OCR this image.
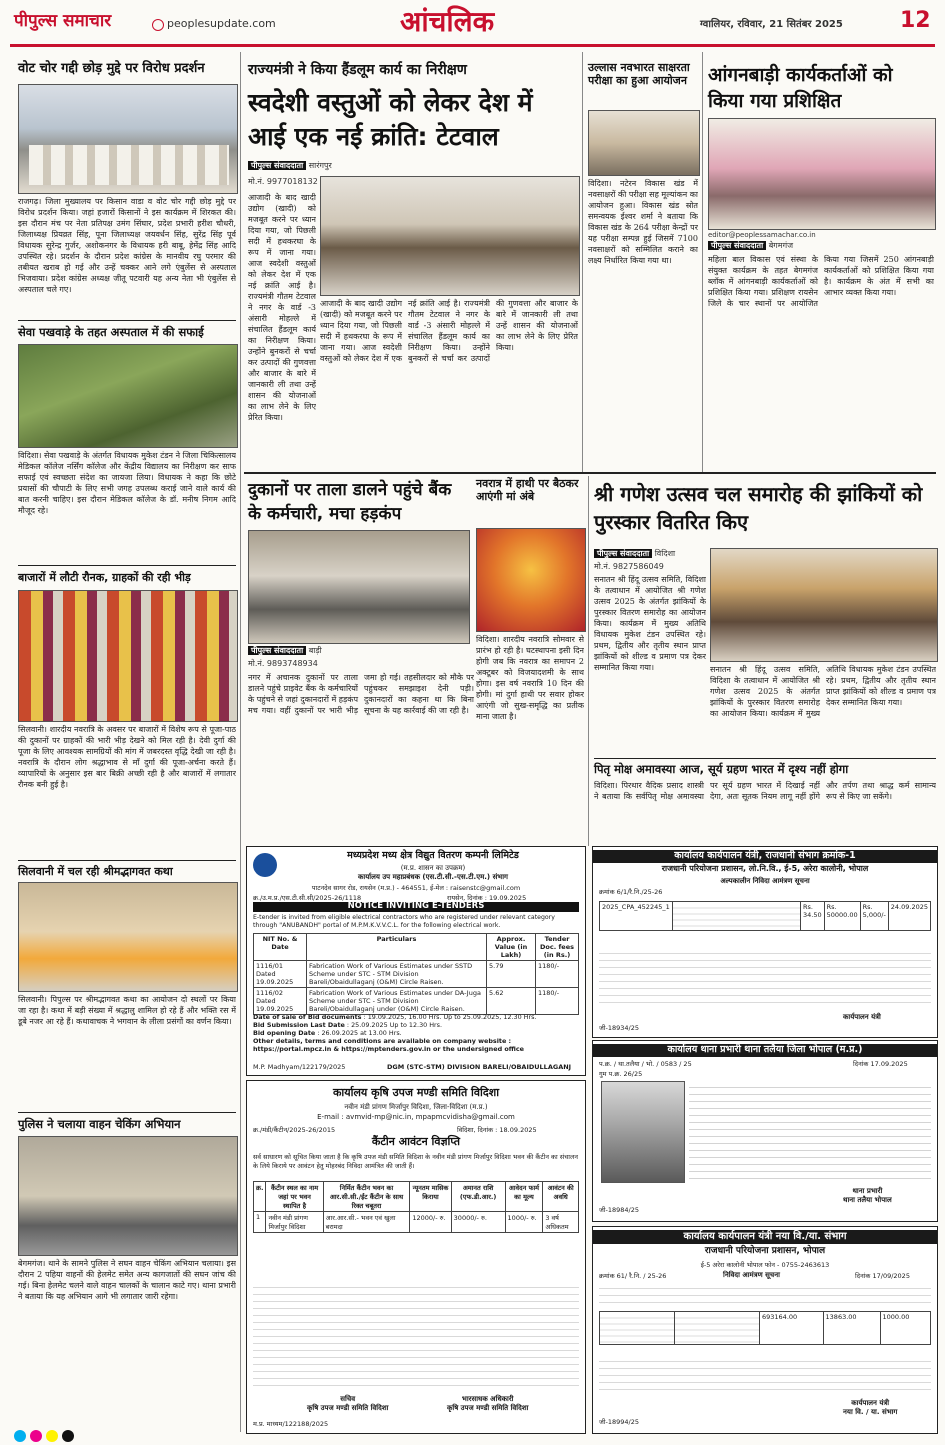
पीपुल्स समाचार	peoplesupdate.com	आंचलिक	ग्वालियर, रविवार, 21 सितंबर 2025	12
वोट चोर गद्दी छोड़ मुद्दे पर विरोध प्रदर्शन
राजगढ़। जिला मुख्यालय पर किसान वाडा व वोट चोर गद्दी छोड़ मुद्दे पर विरोध प्रदर्शन किया। जहां हजारों किसानों ने इस कार्यक्रम में शिरकत की। इस दौरान मंच पर नेता प्रतिपक्ष उमंग सिंघार, प्रदेश प्रभारी हरीश चौधरी, जिलाध्यक्ष प्रियव्रत सिंह, पूना जिलाध्यक्ष जयवर्धन सिंह, सुरेंद्र सिंह पूर्व विधायक सुरेन्द्र गुर्जर, अशोकनगर के विधायक हरी बाबू, हेमेंद्र सिंह आदि उपस्थित रहे। प्रदर्शन के दौरान प्रदेश कांग्रेस के मानवीय रघु परमार की तबीयत खराब हो गई और उन्हें चक्कर आने लगे एंबुलेंस से अस्पताल भिजवाया। प्रदेश कांग्रेस अध्यक्ष जीतू पटवारी यह अन्य नेता भी एंबुलेंस से अस्पताल चले गए।
सेवा पखवाड़े के तहत अस्पताल में की सफाई
विदिशा। सेवा पखवाड़े के अंतर्गत विधायक मुकेश टंडन ने जिला चिकित्सालय मेडिकल कॉलेज नर्सिंग कॉलेज और केंद्रीय विद्यालय का निरीक्षण कर साफ सफाई एवं स्वच्छता संदेश का जायजा लिया। विधायक ने कहा कि छोटे प्रयासों की चौपाटी के लिए सभी जगह उपलब्ध कराई जाने वाले कार्य की बात करनी चाहिए। इस दौरान मेडिकल कॉलेज के डॉ. मनीष निगम आदि मौजूद रहे।
बाजारों में लौटी रौनक, ग्राहकों की रही भीड़
सिलवानी। शारदीय नवरात्रि के अवसर पर बाजारों में विशेष रूप से पूजा-पाठ की दुकानों पर ग्राहकों की भारी भीड़ देखने को मिल रही है। देवी दुर्गा की पूजा के लिए आवश्यक सामग्रियों की मांग में जबरदस्त वृद्धि देखी जा रही है। नवरात्रि के दौरान लोग श्रद्धाभाव से माँ दुर्गा की पूजा-अर्चना करते हैं। व्यापारियों के अनुसार इस बार बिक्री अच्छी रही है और बाजारों में लगातार रौनक बनी हुई है।
सिलवानी में चल रही श्रीमद्भागवत कथा
सिलवानी। पिपुल्स पर श्रीमद्भागवत कथा का आयोजन दो स्थलों पर किया जा रहा है। कथा में बड़ी संख्या में श्रद्धालु शामिल हो रहे हैं और भक्ति रस में डूबे नजर आ रहे हैं। कथावाचक ने भगवान के लीला प्रसंगों का वर्णन किया।
पुलिस ने चलाया वाहन चेकिंग अभियान
बेगमगंज। थाने के सामने पुलिस ने सघन वाहन चेकिंग अभियान चलाया। इस दौरान 2 पहिया वाहनों की हेलमेट समेत अन्य कागजातों की सघन जांच की गई। बिना हेलमेट चलने वाले वाहन चालकों के चालान काटे गए। थाना प्रभारी ने बताया कि यह अभियान आगे भी लगातार जारी रहेगा।
राज्यमंत्री ने किया हैंडलूम कार्य का निरीक्षण
स्वदेशी वस्तुओं को लेकर देश में आई एक नई क्रांति: टेटवाल
पीपुल्स संवाददाता सारंगपुर
मो.नं. 9977018132
आजादी के बाद खादी उद्योग (खादी) को मजबूत करने पर ध्यान दिया गया, जो पिछली सदी में हथकरघा के रूप में जाना गया। आज स्वदेशी वस्तुओं को लेकर देश में एक नई क्रांति आई है। राज्यमंत्री गौतम टेटवाल ने नगर के वार्ड -3 अंसारी मोहल्ले में संचालित हैंडलूम कार्य का निरीक्षण किया। उन्होंने बुनकरों से चर्चा कर उत्पादों की गुणवत्ता और बाजार के बारे में जानकारी ली तथा उन्हें शासन की योजनाओं का लाभ लेने के लिए प्रेरित किया।
आजादी के बाद खादी उद्योग (खादी) को मजबूत करने पर ध्यान दिया गया, जो पिछली सदी में हथकरघा के रूप में जाना गया। आज स्वदेशी वस्तुओं को लेकर देश में एक नई क्रांति आई है। राज्यमंत्री गौतम टेटवाल ने नगर के वार्ड -3 अंसारी मोहल्ले में संचालित हैंडलूम कार्य का निरीक्षण किया। उन्होंने बुनकरों से चर्चा कर उत्पादों की गुणवत्ता और बाजार के बारे में जानकारी ली तथा उन्हें शासन की योजनाओं का लाभ लेने के लिए प्रेरित किया।
उल्लास नवभारत साक्षरता परीक्षा का हुआ आयोजन
विदिशा। नटेरन विकास खंड में नवसाक्षरों की परीक्षा सह मूल्यांकन का आयोजन हुआ। विकास खंड स्रोत समन्वयक ईश्वर शर्मा ने बताया कि विकास खंड के 264 परीक्षा केन्द्रों पर यह परीक्षा सम्पन्न हुई जिसमें 7100 नवसाक्षरों को सम्मिलित कराने का लक्ष्य निर्धारित किया गया था।
आंगनबाड़ी कार्यकर्ताओं को किया गया प्रशिक्षित
editor@peoplessamachar.co.in
पीपुल्स संवाददाता बेगमगंज
महिला बाल विकास एवं संस्था के संयुक्त कार्यक्रम के तहत बेगमगंज ब्लॉक में आंगनबाड़ी कार्यकर्ताओं को प्रशिक्षित किया गया। प्रशिक्षण रायसेन जिले के चार स्थानों पर आयोजित किया गया जिसमें 250 आंगनबाड़ी कार्यकर्ताओं को प्रशिक्षित किया गया है। कार्यक्रम के अंत में सभी का आभार व्यक्त किया गया।
दुकानों पर ताला डालने पहुंचे बैंक के कर्मचारी, मचा हड़कंप
पीपुल्स संवाददाता बाड़ी
मो.नं. 9893748934
नगर में अचानक दुकानों पर ताला डालने पहुंचे प्राइवेट बैंक के कर्मचारियों के पहुंचने से जहां दुकानदारों में हड़कंप मच गया। वहीं दुकानों पर भारी भीड़ जमा हो गई। तहसीलदार को मौके पर पहुंचकर समझाइश देनी पड़ी। दुकानदारों का कहना था कि बिना सूचना के यह कार्रवाई की जा रही है।
नवरात्र में हाथी पर बैठकर आएंगी मां अंबे
विदिशा। शारदीय नवरात्रि सोमवार से प्रारंभ हो रही है। घटस्थापना इसी दिन होगी जब कि नवरात्र का समापन 2 अक्टूबर को विजयादशमी के साथ होगा। इस वर्ष नवरात्रि 10 दिन की होगी। मां दुर्गा हाथी पर सवार होकर आएंगी जो सुख-समृद्धि का प्रतीक माना जाता है।
श्री गणेश उत्सव चल समारोह की झांकियों को पुरस्कार वितरित किए
पीपुल्स संवाददाता विदिशा
मो.नं. 9827586049
सनातन श्री हिंदू उत्सव समिति, विदिशा के तत्वाधान में आयोजित श्री गणेश उत्सव 2025 के अंतर्गत झांकियों के पुरस्कार वितरण समारोह का आयोजन किया। कार्यक्रम में मुख्य अतिथि विधायक मुकेश टंडन उपस्थित रहे। प्रथम, द्वितीय और तृतीय स्थान प्राप्त झांकियों को शील्ड व प्रमाण पत्र देकर सम्मानित किया गया।	सनातन श्री हिंदू उत्सव समिति, विदिशा के तत्वाधान में आयोजित श्री गणेश उत्सव 2025 के अंतर्गत झांकियों के पुरस्कार वितरण समारोह का आयोजन किया। कार्यक्रम में मुख्य अतिथि विधायक मुकेश टंडन उपस्थित रहे। प्रथम, द्वितीय और तृतीय स्थान प्राप्त झांकियों को शील्ड व प्रमाण पत्र देकर सम्मानित किया गया।
पितृ मोक्ष अमावस्या आज, सूर्य ग्रहण भारत में दृश्य नहीं होगा
विदिशा। पिरथार वैदिक प्रसाद शास्त्री ने बताया कि सर्वपितृ मोक्ष अमावस्या पर सूर्य ग्रहण भारत में दिखाई नहीं देगा, अतः सूतक नियम लागू नहीं होंगे और तर्पण तथा श्राद्ध कर्म सामान्य रूप से किए जा सकेंगे।
मध्यप्रदेश मध्य क्षेत्र विद्युत वितरण कम्पनी लिमिटेड
(म.प्र. शासन का उपक्रम)
कार्यालय उप महाप्रबंधक (एस.टी.सी.-एस.टी.एम.) संभाग
पाटनदेव सागर रोड, रायसेन (म.प्र.) - 464551, ई-मेल : raisenstc@gmail.com
क्र./उ.म.प्र./एस.टी.सी.सी/2025-26/1118	रायसेन, दिनांक : 19.09.2025
NOTICE INVITING E-TENDERS
E-tender is invited from eligible electrical contractors who are registered under relevant category through "ANUBANDH" portal of M.P.M.K.V.V.C.L. for the following electrical work.
NIT No. & Date	Particulars	Approx. Value (in Lakh)	Tender Doc. fees (in Rs.)
1116/01 Dated 19.09.2025	Fabrication Work of Various Estimates under SSTD Scheme under STC - STM Division Bareli/Obaidullaganj (O&M) Circle Raisen.	5.79	1180/-
1116/02 Dated 19.09.2025	Fabrication Work of Various Estimates under DA-Juga Scheme under STC - STM Division Bareli/Obaidullaganj under (O&M) Circle Raisen.	5.62	1180/-
Date of sale of Bid documents : 19.09.2025, 16.00 Hrs. Up to 25.09.2025, 12.30 Hrs.
Bid Submission Last Date : 25.09.2025 Up to 12.30 Hrs.
Bid opening Date : 26.09.2025 at 13.00 Hrs.
Other details, terms and conditions are available on company website : https://portal.mpcz.in & https://mptenders.gov.in or the undersigned office
M.P. Madhyam/122179/2025	DGM (STC-STM) DIVISION BARELI/OBAIDULLAGANJ
कार्यालय कृषि उपज मण्डी समिति विदिशा
नवीन मंडी प्रांगण मिर्जापुर विदिशा, जिला-विदिशा (म.प्र.)
E-mail : avmvid-mp@nic.in, mpapmcvidisha@gmail.com
क्र./मंडी/कैंटीन/2025-26/2015	विदिशा, दिनांक : 18.09.2025
कैंटीन आवंटन विज्ञप्ति
सर्व साधारण को सूचित किया जाता है कि कृषि उपज मंडी समिति विदिशा के नवीन मंडी प्रांगण मिर्जापुर विदिशा भवन की कैंटीन का संचालन के लिये किराये पर आवंटन हेतु मोहरबंद निविदा आमंत्रित की जाती हैं।
क्र.	कैंटीन स्थल का नाम जहां पर भवन स्थापित है	निर्मित कैंटीन भवन का आर.सी.सी./ईंट कैंटीन के साथ रिक्त चबूतरा	न्यूनतम मासिक किराया	अमानत राशि (एफ.डी.आर.)	आवेदन फार्म का मूल्य	आवंटन की अवधि
1	नवीन मंडी प्रांगण मिर्जापुर विदिशा	आर.आर.सी.- भवन एवं खुला बरामदा	12000/- रु.	30000/- रु.	1000/- रु.	3 वर्ष अधिकतम
सचिव
कृषि उपज मण्डी समिति विदिशा
भारसाधक अधिकारी
कृषि उपज मण्डी समिति विदिशा
म.प्र. माध्यम/122188/2025
कार्यालय कार्यपालन यंत्री, राजधानी संभाग क्रमांक-1
राजधानी परियोजना प्रशासन, लो.नि.वि., ई-5, अरेरा कालोनी, भोपाल
अल्पकालीन निविदा आमंत्रण सूचना
क्रमांक 6/1/रै.नि./25-26
2025_CPA_452245_1		Rs. 34.50	Rs. 50000.00	Rs. 5,000/-	24.09.2025
कार्यपालन यंत्री
जी-18934/25
कार्यालय थाना प्रभारी थाना तलैया जिला भोपाल (म.प्र.)
प.क्र. / था.तलैया / भो. / 0583 / 25	दिनांक 17.09.2025
गुम प.क्र. 26/25
थाना प्रभारी
थाना तलैया भोपाल
जी-18984/25
कार्यालय कार्यपालन यंत्री नया वि./या. संभाग
राजधानी परियोजना प्रशासन, भोपाल
ई-5 अरेरा कालोनी भोपाल फोन - 0755-2463613
क्रमांक 61/ रै.नि. / 25-26	निविदा आमंत्रण सूचना	दिनांक 17/09/2025
		693164.00	13863.00	1000.00
कार्यपालन यंत्री
नया वि. / या. संभाग
जी-18994/25
